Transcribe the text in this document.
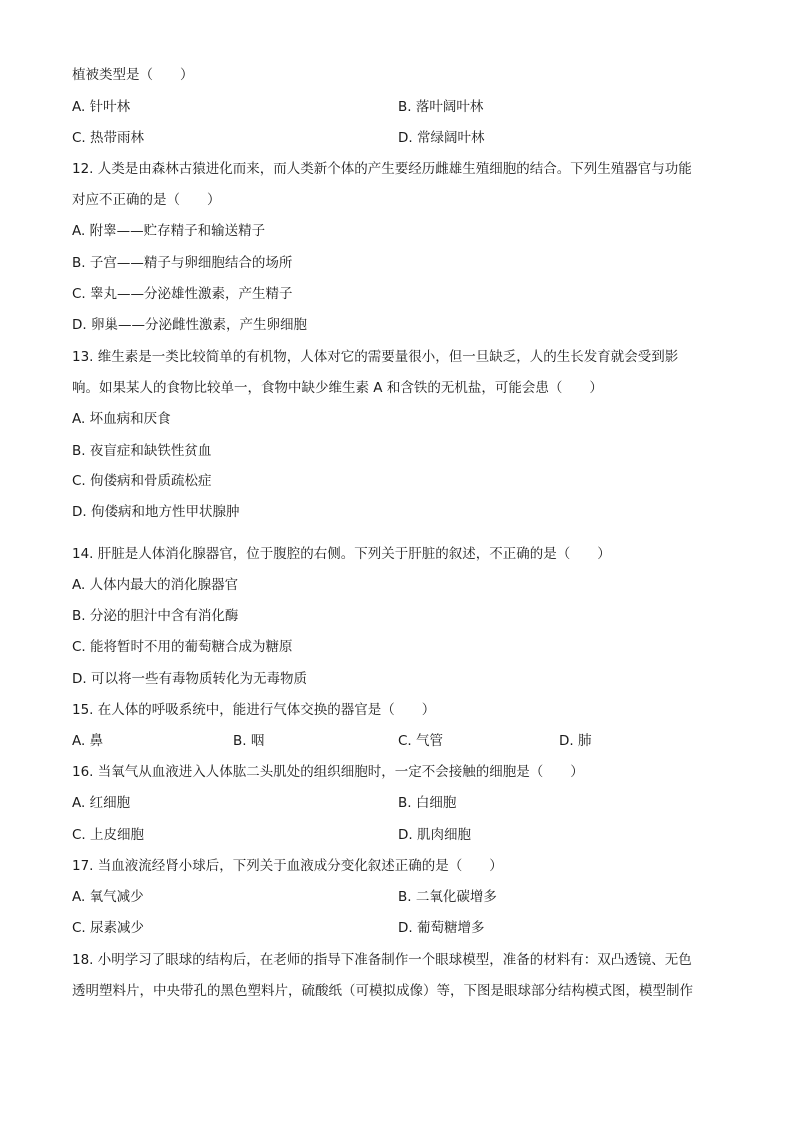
植被类型是（　　）
A. 针叶林	B. 落叶阔叶林
C. 热带雨林	D. 常绿阔叶林
12. 人类是由森林古猿进化而来，而人类新个体的产生要经历雌雄生殖细胞的结合。下列生殖器官与功能
对应不正确的是（　　）
A. 附睾——贮存精子和输送精子
B. 子宫——精子与卵细胞结合的场所
C. 睾丸——分泌雄性激素，产生精子
D. 卵巢——分泌雌性激素，产生卵细胞
13. 维生素是一类比较简单的有机物，人体对它的需要量很小，但一旦缺乏，人的生长发育就会受到影
响。如果某人的食物比较单一，食物中缺少维生素 A 和含铁的无机盐，可能会患（　　）
A. 坏血病和厌食
B. 夜盲症和缺铁性贫血
C. 佝偻病和骨质疏松症
D. 佝偻病和地方性甲状腺肿
14. 肝脏是人体消化腺器官，位于腹腔的右侧。下列关于肝脏的叙述，不正确的是（　　）
A. 人体内最大的消化腺器官
B. 分泌的胆汁中含有消化酶
C. 能将暂时不用的葡萄糖合成为糖原
D. 可以将一些有毒物质转化为无毒物质
15. 在人体的呼吸系统中，能进行气体交换的器官是（　　）
A. 鼻	B. 咽	C. 气管	D. 肺
16. 当氧气从血液进入人体肱二头肌处的组织细胞时，一定不会接触的细胞是（　　）
A. 红细胞	B. 白细胞
C. 上皮细胞	D. 肌肉细胞
17. 当血液流经肾小球后，下列关于血液成分变化叙述正确的是（　　）
A. 氧气减少	B. 二氧化碳增多
C. 尿素减少	D. 葡萄糖增多
18. 小明学习了眼球的结构后，在老师的指导下准备制作一个眼球模型，准备的材料有：双凸透镜、无色
透明塑料片，中央带孔的黑色塑料片，硫酸纸（可模拟成像）等，下图是眼球部分结构模式图，模型制作
